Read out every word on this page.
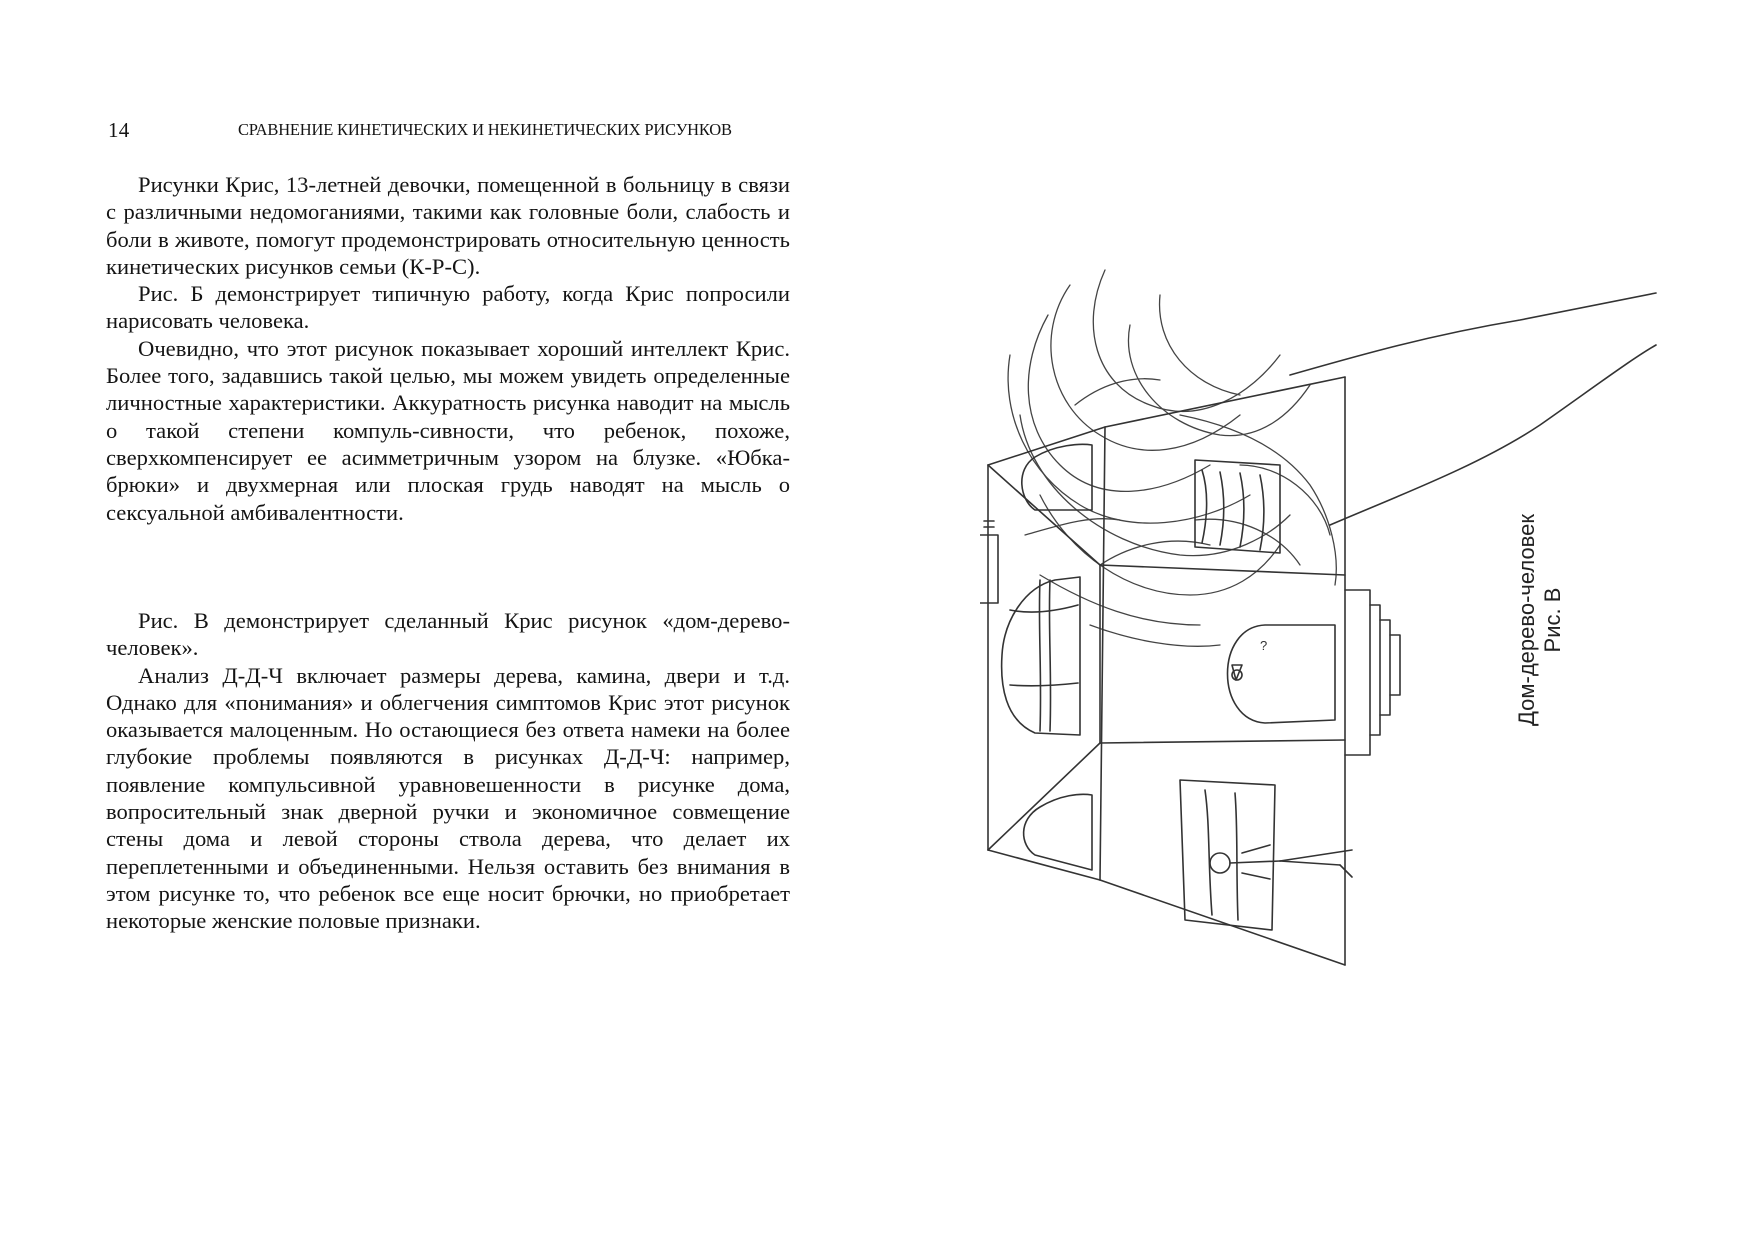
14	СРАВНЕНИЕ КИНЕТИЧЕСКИХ И НЕКИНЕТИЧЕСКИХ РИСУНКОВ

Рисунки Крис, 13-летней девочки, помещенной в больницу в связи с различными недомоганиями, такими как головные боли, слабость и боли в животе, помогут продемонстрировать относительную ценность кинетических рисунков семьи (К-Р-С).

Рис. Б демонстрирует типичную работу, когда Крис попросили нарисовать человека.

Очевидно, что этот рисунок показывает хороший интеллект Крис. Более того, задавшись такой целью, мы можем увидеть определенные личностные характеристики. Аккуратность рисунка наводит на мысль о такой степени компуль-сивности, что ребенок, похоже, сверхкомпенсирует ее асимметричным узором на блузке. «Юбка-брюки» и двухмерная или плоская грудь наводят на мысль о сексуальной амбивалентности.

Рис. В демонстрирует сделанный Крис рисунок «дом-дерево-человек».

Анализ Д-Д-Ч включает размеры дерева, камина, двери и т.д. Однако для «понимания» и облегчения симптомов Крис этот рисунок оказывается малоценным. Но остающиеся без ответа намеки на более глубокие проблемы появляются в рисунках Д-Д-Ч: например, появление компульсивной уравновешенности в рисунке дома, вопросительный знак дверной ручки и экономичное совмещение стены дома и левой стороны ствола дерева, что делает их переплетенными и объединенными. Нельзя оставить без внимания в этом рисунке то, что ребенок все еще носит брючки, но приобретает некоторые женские половые признаки.

?	Дом-дерево-человек Рис. В
